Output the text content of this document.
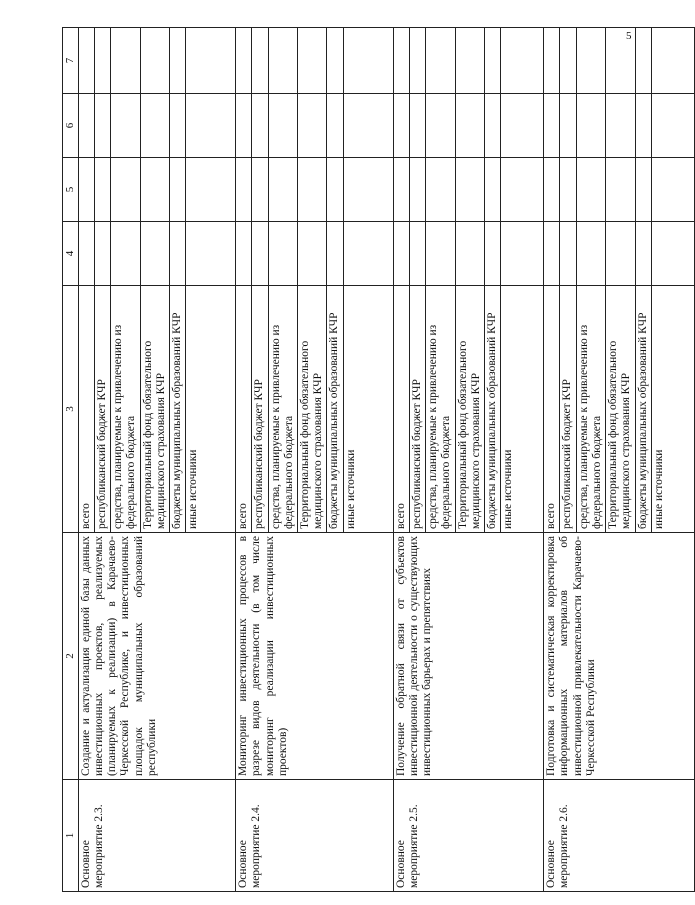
5
1	2	3	4	5	6	7
Основное мероприятие 2.3.	Создание и актуализация единой базы данных инвестиционных проектов, реализуемых (планируемых к реализации) в Карачаево-Черкесской Республике, и инвестиционных площадок муниципальных образований республики	всего				
		республиканский бюджет КЧР				
		средства, планируемые к привлечению из федерального бюджета				
		Территориальный фонд обязательного медицинского страхования КЧР				
		бюджеты муниципальных образований КЧР				
		иные источники				
Основное мероприятие 2.4.	Мониторинг инвестиционных процессов в разрезе видов деятельности (в том числе мониторинг реализации инвестиционных проектов)	всего				
		республиканский бюджет КЧР				
		средства, планируемые к привлечению из федерального бюджета				
		Территориальный фонд обязательного медицинского страхования КЧР				
		бюджеты муниципальных образований КЧР				
		иные источники				
Основное мероприятие 2.5.	Получение обратной связи от субъектов инвестиционной деятельности о существующих инвестиционных барьерах и препятствиях	всего				
		республиканский бюджет КЧР				
		средства, планируемые к привлечению из федерального бюджета				
		Территориальный фонд обязательного медицинского страхования КЧР				
		бюджеты муниципальных образований КЧР				
		иные источники				
Основное мероприятие 2.6.	Подготовка и систематическая корректировка информационных материалов об инвестиционной привлекательности Карачаево-Черкесской Республики	всего				
		республиканский бюджет КЧР				
		средства, планируемые к привлечению из федерального бюджета				
		Территориальный фонд обязательного медицинского страхования КЧР				
		бюджеты муниципальных образований КЧР				
		иные источники				
